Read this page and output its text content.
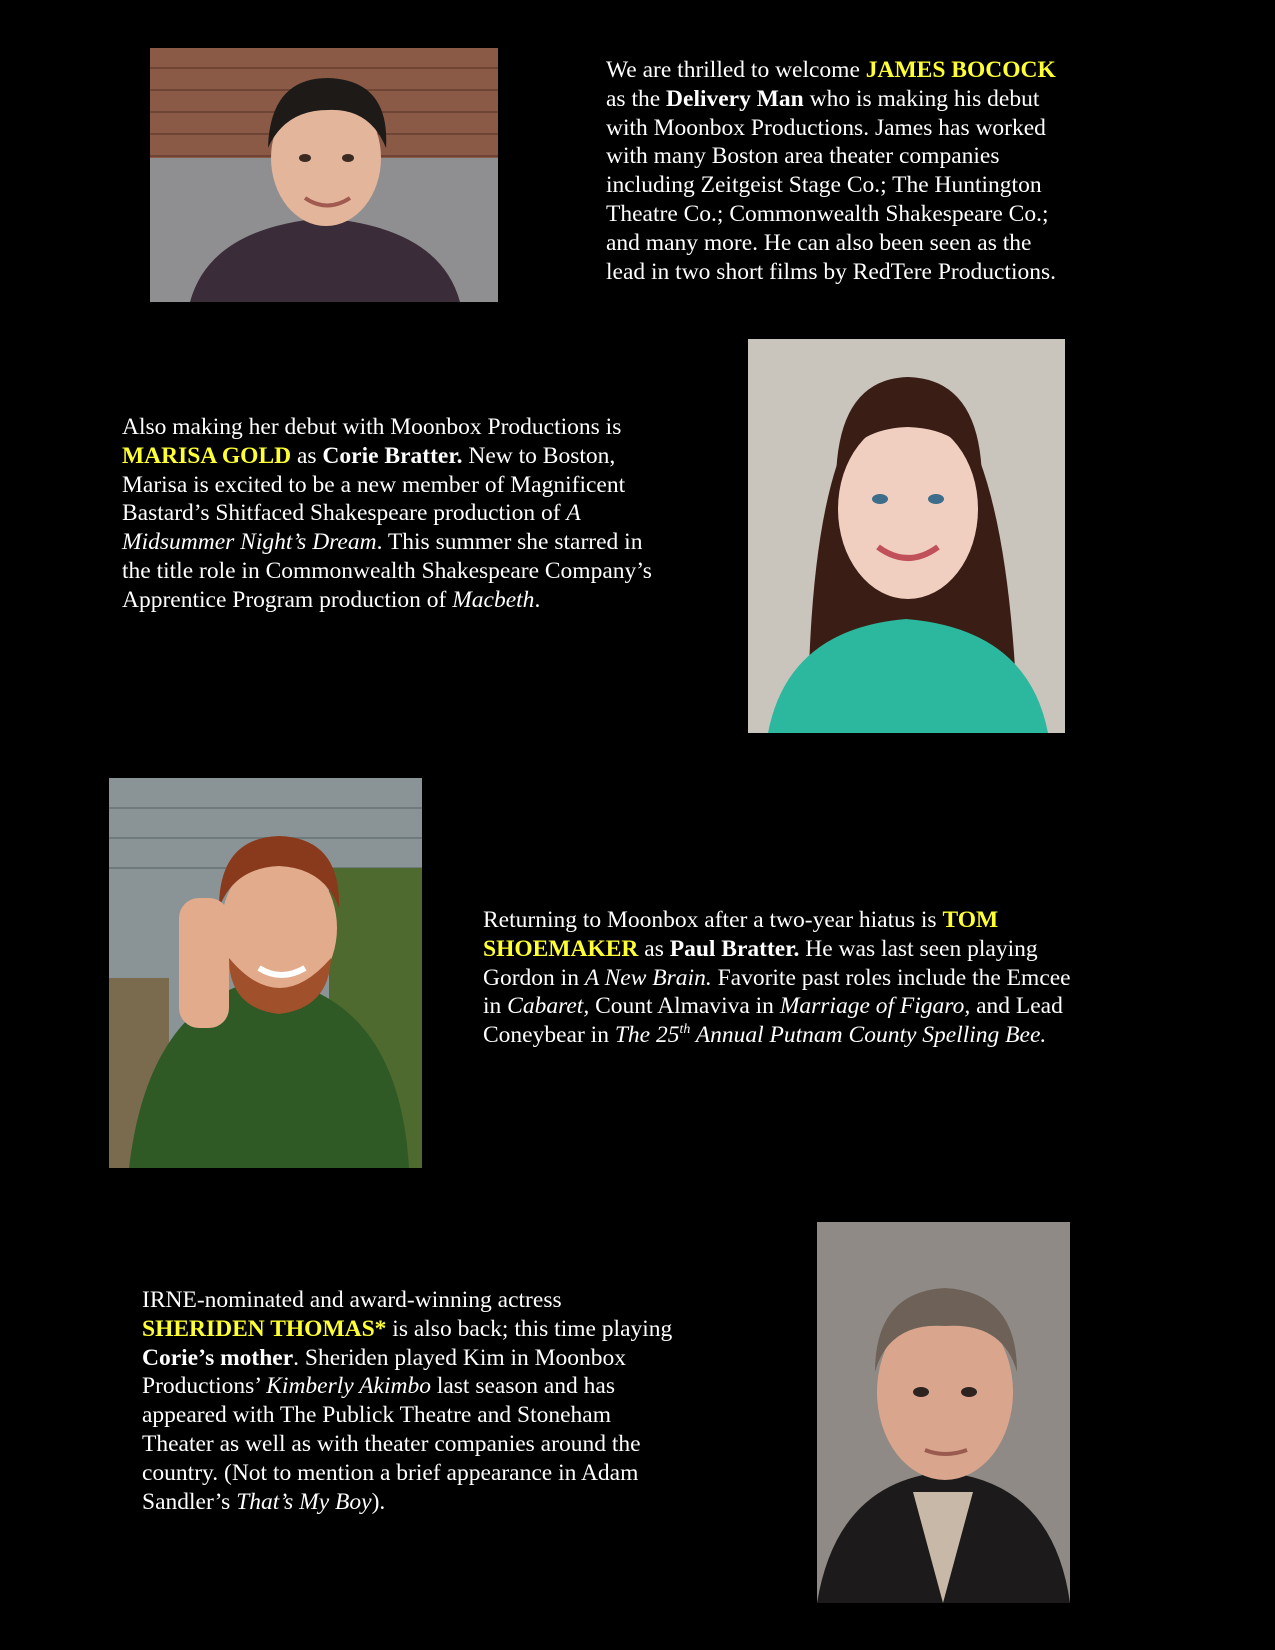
We are thrilled to welcome JAMES BOCOCK
as the Delivery Man who is making his debut
with Moonbox Productions. James has worked
with many Boston area theater companies
including Zeitgeist Stage Co.; The Huntington
Theatre Co.; Commonwealth Shakespeare Co.;
and many more. He can also been seen as the
lead in two short films by RedTere Productions.
Also making her debut with Moonbox Productions is
MARISA GOLD as Corie Bratter. New to Boston,
Marisa is excited to be a new member of Magnificent
Bastard’s Shitfaced Shakespeare production of A
Midsummer Night’s Dream. This summer she starred in
the title role in Commonwealth Shakespeare Company’s
Apprentice Program production of Macbeth.
Returning to Moonbox after a two-year hiatus is TOM
SHOEMAKER as Paul Bratter. He was last seen playing
Gordon in A New Brain. Favorite past roles include the Emcee
in Cabaret, Count Almaviva in Marriage of Figaro, and Lead
Coneybear in The 25th Annual Putnam County Spelling Bee.
IRNE-nominated and award-winning actress
SHERIDEN THOMAS* is also back; this time playing
Corie’s mother. Sheriden played Kim in Moonbox
Productions’ Kimberly Akimbo last season and has
appeared with The Publick Theatre and Stoneham
Theater as well as with theater companies around the
country. (Not to mention a brief appearance in Adam
Sandler’s That’s My Boy).
